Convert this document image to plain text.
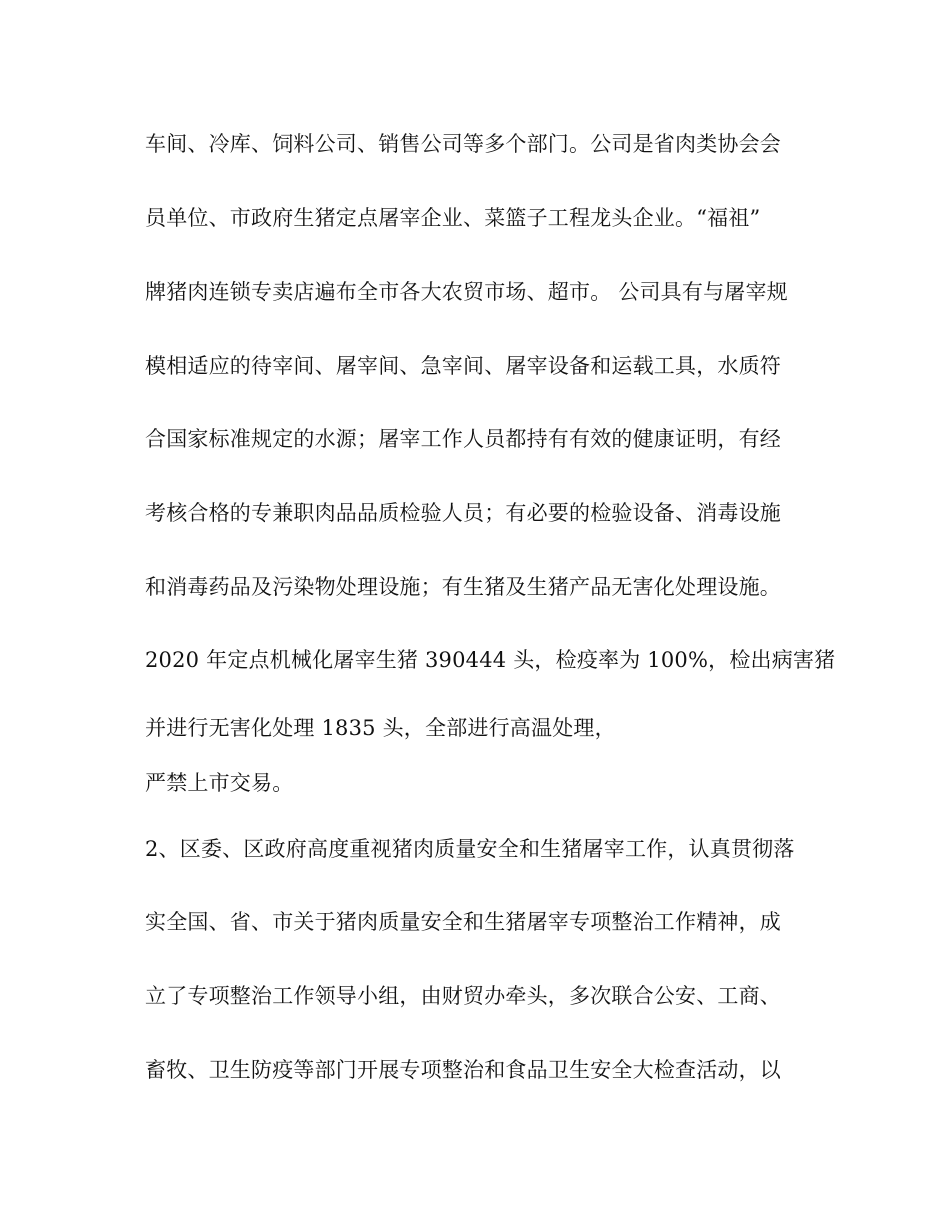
车间、冷库、饲料公司、销售公司等多个部门。公司是省肉类协会会
员单位、市政府生猪定点屠宰企业、菜篮子工程龙头企业。“福祖”
牌猪肉连锁专卖店遍布全市各大农贸市场、超市。 公司具有与屠宰规
模相适应的待宰间、屠宰间、急宰间、屠宰设备和运载工具，水质符
合国家标准规定的水源；屠宰工作人员都持有有效的健康证明，有经
考核合格的专兼职肉品品质检验人员；有必要的检验设备、消毒设施
和消毒药品及污染物处理设施；有生猪及生猪产品无害化处理设施。
2020 年定点机械化屠宰生猪 390444 头，检疫率为 100%，检出病害猪
并进行无害化处理 1835 头，全部进行高温处理，
严禁上市交易。
2、区委、区政府高度重视猪肉质量安全和生猪屠宰工作，认真贯彻落
实全国、省、市关于猪肉质量安全和生猪屠宰专项整治工作精神，成
立了专项整治工作领导小组，由财贸办牵头，多次联合公安、工商、
畜牧、卫生防疫等部门开展专项整治和食品卫生安全大检查活动，以
